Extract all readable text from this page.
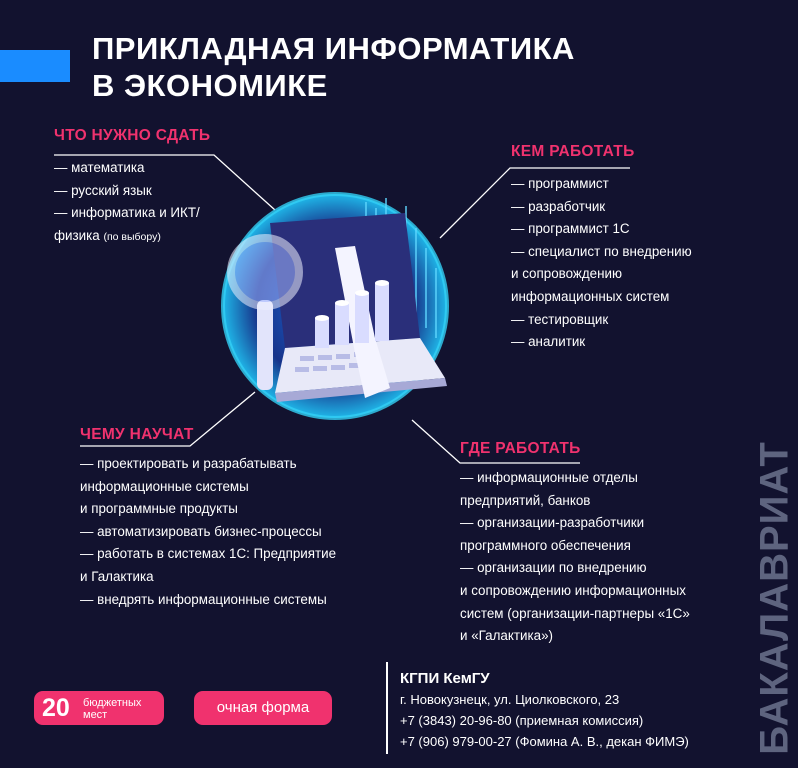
ПРИКЛАДНАЯ ИНФОРМАТИКА
В ЭКОНОМИКЕ
ЧТО НУЖНО СДАТЬ
— математика
— русский язык
— информатика и ИКТ/
физика (по выбору)
КЕМ РАБОТАТЬ
— программист
— разработчик
— программист 1С
— специалист по внедрению
и сопровождению
информационных систем
— тестировщик
— аналитик
ЧЕМУ НАУЧАТ
— проектировать и разрабатывать
информационные системы
и программные продукты
— автоматизировать бизнес-процессы
— работать в системах 1С: Предприятие
и Галактика
— внедрять информационные системы
ГДЕ РАБОТАТЬ
— информационные отделы
предприятий, банков
— организации-разработчики
программного обеспечения
— организации по внедрению
и сопровождению информационных
систем (организации-партнеры «1С»
и «Галактика»)	БАКАЛАВРИАТ
20 бюджетных
мест	очная форма
КГПИ КемГУ
г. Новокузнецк, ул. Циолковского, 23
+7 (3843) 20-96-80 (приемная комиссия)
+7 (906) 979-00-27 (Фомина А. В., декан ФИМЭ)
